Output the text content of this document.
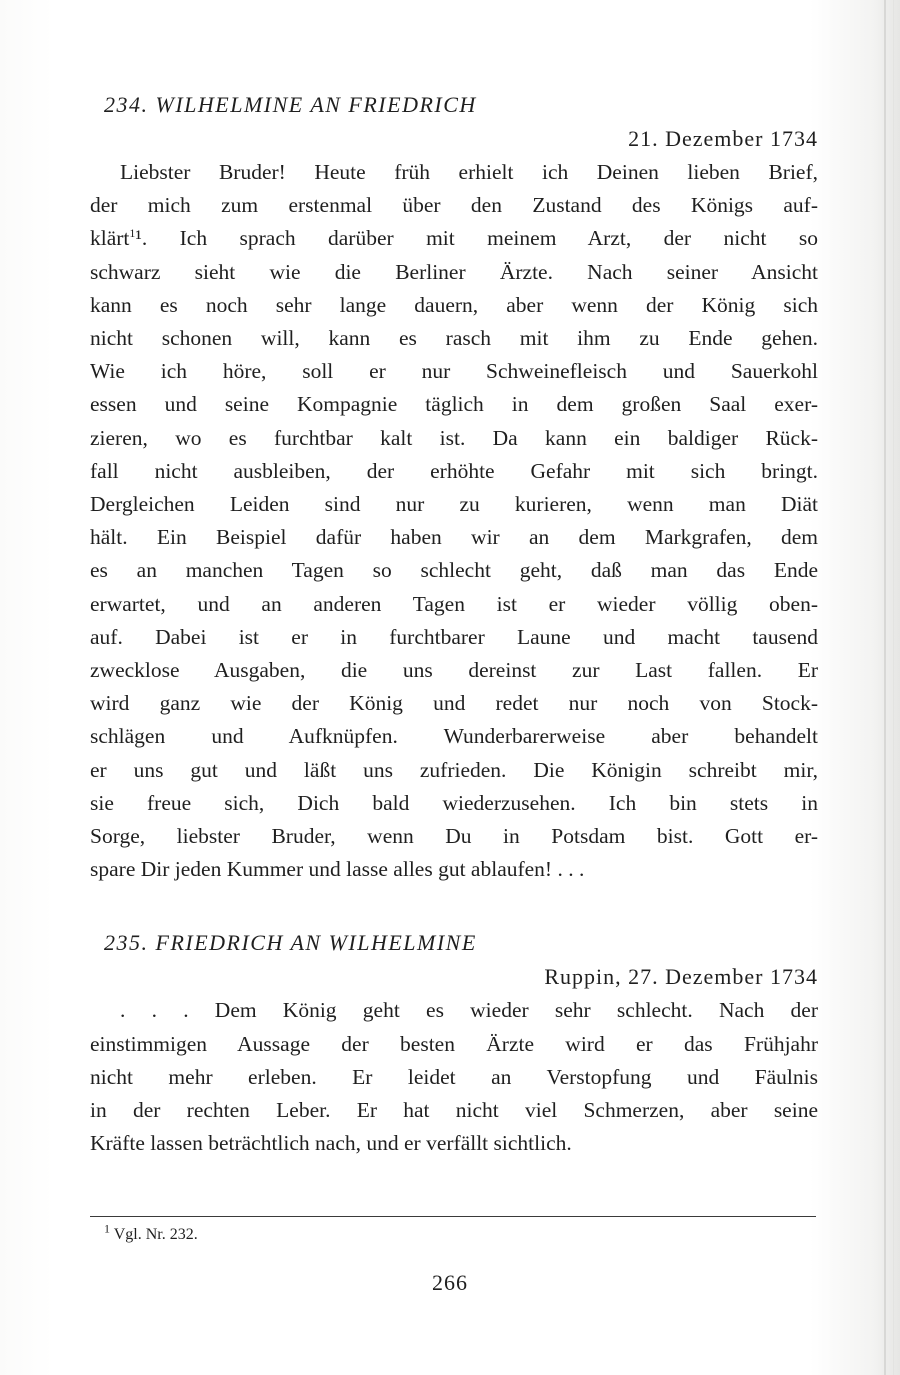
234. WILHELMINE AN FRIEDRICH
21. Dezember 1734

Liebster Bruder! Heute früh erhielt ich Deinen lieben Brief,

der mich zum erstenmal über den Zustand des Königs auf-

klärt$^1$¹. Ich sprach darüber mit meinem Arzt, der nicht so

schwarz sieht wie die Berliner Ärzte. Nach seiner Ansicht

kann es noch sehr lange dauern, aber wenn der König sich

nicht schonen will, kann es rasch mit ihm zu Ende gehen.

Wie ich höre, soll er nur Schweinefleisch und Sauerkohl

essen und seine Kompagnie täglich in dem großen Saal exer-

zieren, wo es furchtbar kalt ist. Da kann ein baldiger Rück-

fall nicht ausbleiben, der erhöhte Gefahr mit sich bringt.

Dergleichen Leiden sind nur zu kurieren, wenn man Diät

hält. Ein Beispiel dafür haben wir an dem Markgrafen, dem

es an manchen Tagen so schlecht geht, daß man das Ende

erwartet, und an anderen Tagen ist er wieder völlig oben-

auf. Dabei ist er in furchtbarer Laune und macht tausend

zwecklose Ausgaben, die uns dereinst zur Last fallen. Er

wird ganz wie der König und redet nur noch von Stock-

schlägen und Aufknüpfen. Wunderbarerweise aber behandelt

er uns gut und läßt uns zufrieden. Die Königin schreibt mir,

sie freue sich, Dich bald wiederzusehen. Ich bin stets in

Sorge, liebster Bruder, wenn Du in Potsdam bist. Gott er-

spare Dir jeden Kummer und lasse alles gut ablaufen! . . .

235. FRIEDRICH AN WILHELMINE
Ruppin, 27. Dezember 1734

. . . Dem König geht es wieder sehr schlecht. Nach der

einstimmigen Aussage der besten Ärzte wird er das Frühjahr

nicht mehr erleben. Er leidet an Verstopfung und Fäulnis

in der rechten Leber. Er hat nicht viel Schmerzen, aber seine

Kräfte lassen beträchtlich nach, und er verfällt sichtlich.

$^1$ Vgl. Nr. 232.
266
